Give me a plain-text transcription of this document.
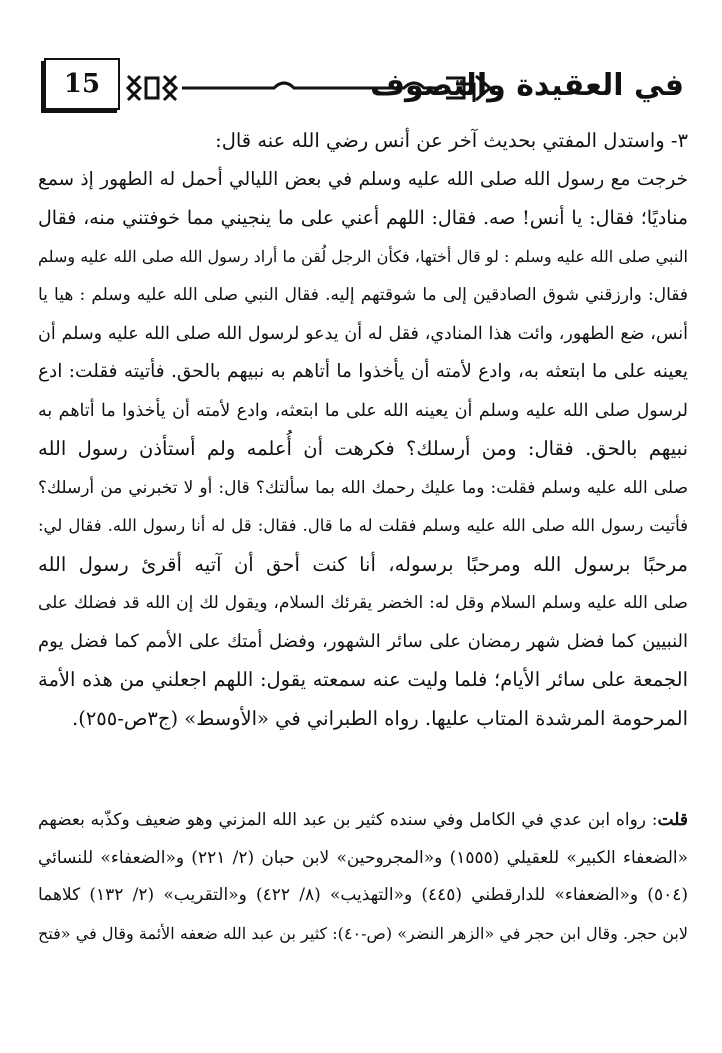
15	في العقيدة والتصوف
٣- واستدل المفتي بحديث آخر عن أنس رضي الله عنه قال:
خرجت مع رسول الله صلى الله عليه وسلم في بعض الليالي أحمل له الطهور إذ سمع
مناديًا؛ فقال: يا أنس! صه. فقال: اللهم أعني على ما ينجيني مما خوفتني منه، فقال
النبي صلى الله عليه وسلم : لو قال أختها، فكأن الرجل لُقن ما أراد رسول الله صلى الله عليه وسلم
فقال: وارزقني شوق الصادقين إلى ما شوقتهم إليه. فقال النبي صلى الله عليه وسلم : هيا يا
أنس، ضع الطهور، وائت هذا المنادي، فقل له أن يدعو لرسول الله صلى الله عليه وسلم أن
يعينه على ما ابتعثه به، وادع لأمته أن يأخذوا ما أتاهم به نبيهم بالحق. فأتيته فقلت: ادع
لرسول صلى الله عليه وسلم أن يعينه الله على ما ابتعثه، وادع لأمته أن يأخذوا ما أتاهم به
نبيهم بالحق. فقال: ومن أرسلك؟ فكرهت أن أُعلمه ولم أستأذن رسول الله
صلى الله عليه وسلم فقلت: وما عليك رحمك الله بما سألتك؟ قال: أو لا تخبرني من أرسلك؟
فأتيت رسول الله صلى الله عليه وسلم فقلت له ما قال. فقال: قل له أنا رسول الله. فقال لي:
مرحبًا برسول الله ومرحبًا برسوله، أنا كنت أحق أن آتيه أقرئ رسول الله
صلى الله عليه وسلم السلام وقل له: الخضر يقرئك السلام، ويقول لك إن الله قد فضلك على
النبيين كما فضل شهر رمضان على سائر الشهور، وفضل أمتك على الأمم كما فضل يوم
الجمعة على سائر الأيام؛ فلما وليت عنه سمعته يقول: اللهم اجعلني من هذه الأمة
المرحومة المرشدة المتاب عليها. رواه الطبراني في «الأوسط» (ج٣ص-٢٥٥).
قلت: رواه ابن عدي في الكامل وفي سنده كثير بن عبد الله المزني وهو ضعيف وكذّبه بعضهم
«الضعفاء الكبير» للعقيلي (١٥٥٥) و«المجروحين» لابن حبان (٢/ ٢٢١) و«الضعفاء» للنسائي
(٥٠٤) و«الضعفاء» للدارقطني (٤٤٥) و«التهذيب» (٨/ ٤٢٢) و«التقريب» (٢/ ١٣٢) كلاهما
لابن حجر. وقال ابن حجر في «الزهر النضر» (ص-٤٠): كثير بن عبد الله ضعفه الأئمة وقال في «فتح
